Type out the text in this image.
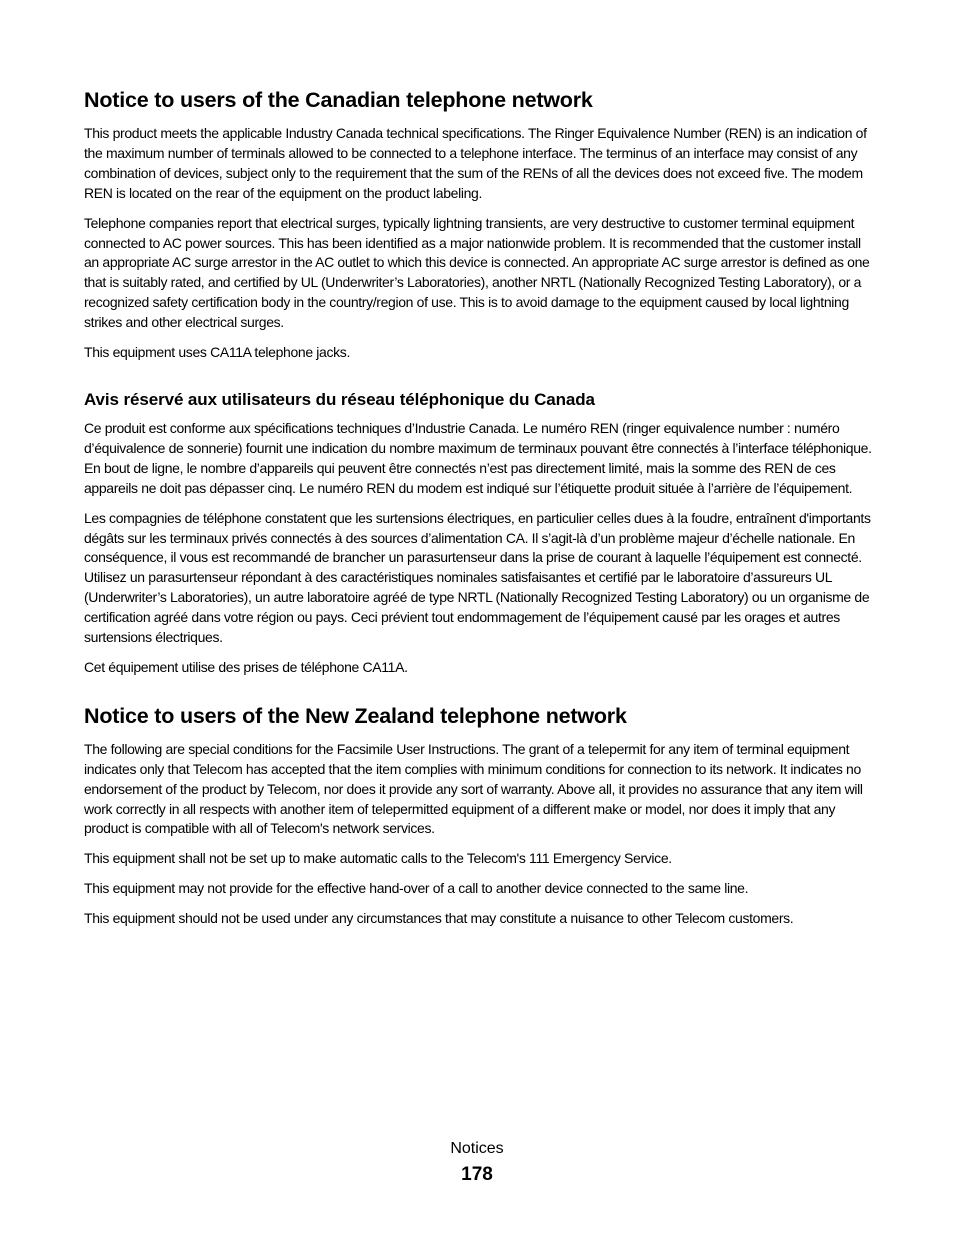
Notice to users of the Canadian telephone network

This product meets the applicable Industry Canada technical specifications. The Ringer Equivalence Number (REN) is an indication of the maximum number of terminals allowed to be connected to a telephone interface. The terminus of an interface may consist of any combination of devices, subject only to the requirement that the sum of the RENs of all the devices does not exceed five. The modem REN is located on the rear of the equipment on the product labeling.

Telephone companies report that electrical surges, typically lightning transients, are very destructive to customer terminal equipment connected to AC power sources. This has been identified as a major nationwide problem. It is recommended that the customer install an appropriate AC surge arrestor in the AC outlet to which this device is connected. An appropriate AC surge arrestor is defined as one that is suitably rated, and certified by UL (Underwriter’s Laboratories), another NRTL (Nationally Recognized Testing Laboratory), or a recognized safety certification body in the country/region of use. This is to avoid damage to the equipment caused by local lightning strikes and other electrical surges.

This equipment uses CA11A telephone jacks.

Avis réservé aux utilisateurs du réseau téléphonique du Canada

Ce produit est conforme aux spécifications techniques d’Industrie Canada. Le numéro REN (ringer equivalence number : numéro d’équivalence de sonnerie) fournit une indication du nombre maximum de terminaux pouvant être connectés à l’interface téléphonique. En bout de ligne, le nombre d’appareils qui peuvent être connectés n’est pas directement limité, mais la somme des REN de ces appareils ne doit pas dépasser cinq. Le numéro REN du modem est indiqué sur l’étiquette produit située à l’arrière de l’équipement.

Les compagnies de téléphone constatent que les surtensions électriques, en particulier celles dues à la foudre, entraînent d'importants dégâts sur les terminaux privés connectés à des sources d’alimentation CA. Il s’agit-là d’un problème majeur d’échelle nationale. En conséquence, il vous est recommandé de brancher un parasurtenseur dans la prise de courant à laquelle l’équipement est connecté. Utilisez un parasurtenseur répondant à des caractéristiques nominales satisfaisantes et certifié par le laboratoire d’assureurs UL (Underwriter’s Laboratories), un autre laboratoire agréé de type NRTL (Nationally Recognized Testing Laboratory) ou un organisme de certification agréé dans votre région ou pays. Ceci prévient tout endommagement de l’équipement causé par les orages et autres surtensions électriques.

Cet équipement utilise des prises de téléphone CA11A.

Notice to users of the New Zealand telephone network

The following are special conditions for the Facsimile User Instructions. The grant of a telepermit for any item of terminal equipment indicates only that Telecom has accepted that the item complies with minimum conditions for connection to its network. It indicates no endorsement of the product by Telecom, nor does it provide any sort of warranty. Above all, it provides no assurance that any item will work correctly in all respects with another item of telepermitted equipment of a different make or model, nor does it imply that any product is compatible with all of Telecom's network services.

This equipment shall not be set up to make automatic calls to the Telecom's 111 Emergency Service.

This equipment may not provide for the effective hand-over of a call to another device connected to the same line.

This equipment should not be used under any circumstances that may constitute a nuisance to other Telecom customers.

Notices

178
